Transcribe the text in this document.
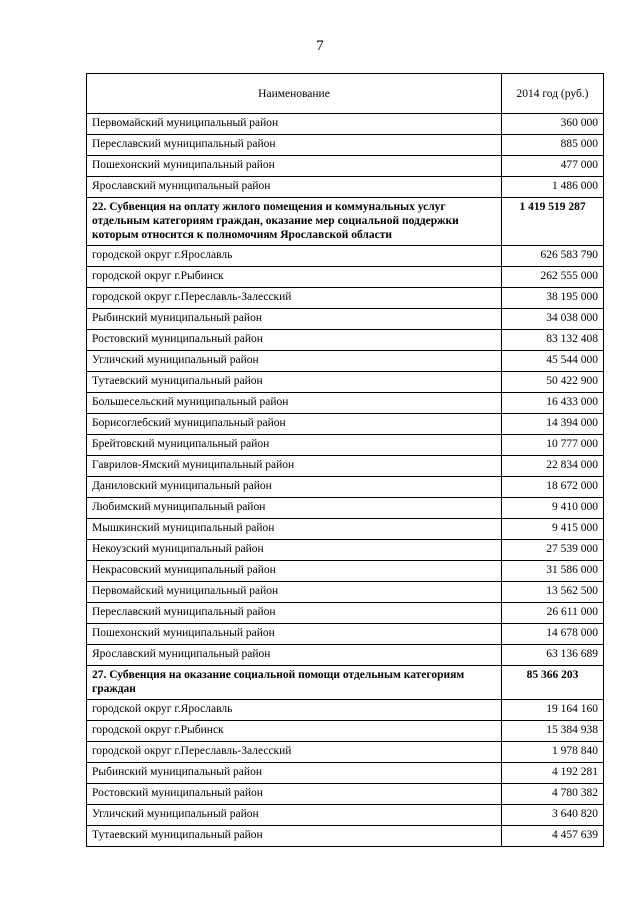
7
Наименование	2014 год (руб.)
Первомайский муниципальный район	360 000
Переславский муниципальный район	885 000
Пошехонский муниципальный район	477 000
Ярославский муниципальный район	1 486 000
22. Субвенция на оплату жилого помещения и коммунальных услуг отдельным категориям граждан, оказание мер социальной поддержки которым относится к полномочиям Ярославской области	1 419 519 287
городской округ г.Ярославль	626 583 790
городской округ г.Рыбинск	262 555 000
городской округ г.Переславль-Залесский	38 195 000
Рыбинский муниципальный район	34 038 000
Ростовский муниципальный район	83 132 408
Угличский муниципальный район	45 544 000
Тутаевский муниципальный район	50 422 900
Большесельский муниципальный район	16 433 000
Борисоглебский муниципальный район	14 394 000
Брейтовский муниципальный район	10 777 000
Гаврилов-Ямский муниципальный район	22 834 000
Даниловский муниципальный район	18 672 000
Любимский муниципальный район	9 410 000
Мышкинский муниципальный район	9 415 000
Некоузский муниципальный район	27 539 000
Некрасовский муниципальный район	31 586 000
Первомайский муниципальный район	13 562 500
Переславский муниципальный район	26 611 000
Пошехонский муниципальный район	14 678 000
Ярославский муниципальный район	63 136 689
27. Субвенция на оказание социальной помощи отдельным категориям граждан	85 366 203
городской округ г.Ярославль	19 164 160
городской округ г.Рыбинск	15 384 938
городской округ г.Переславль-Залесский	1 978 840
Рыбинский муниципальный район	4 192 281
Ростовский муниципальный район	4 780 382
Угличский муниципальный район	3 640 820
Тутаевский муниципальный район	4 457 639
